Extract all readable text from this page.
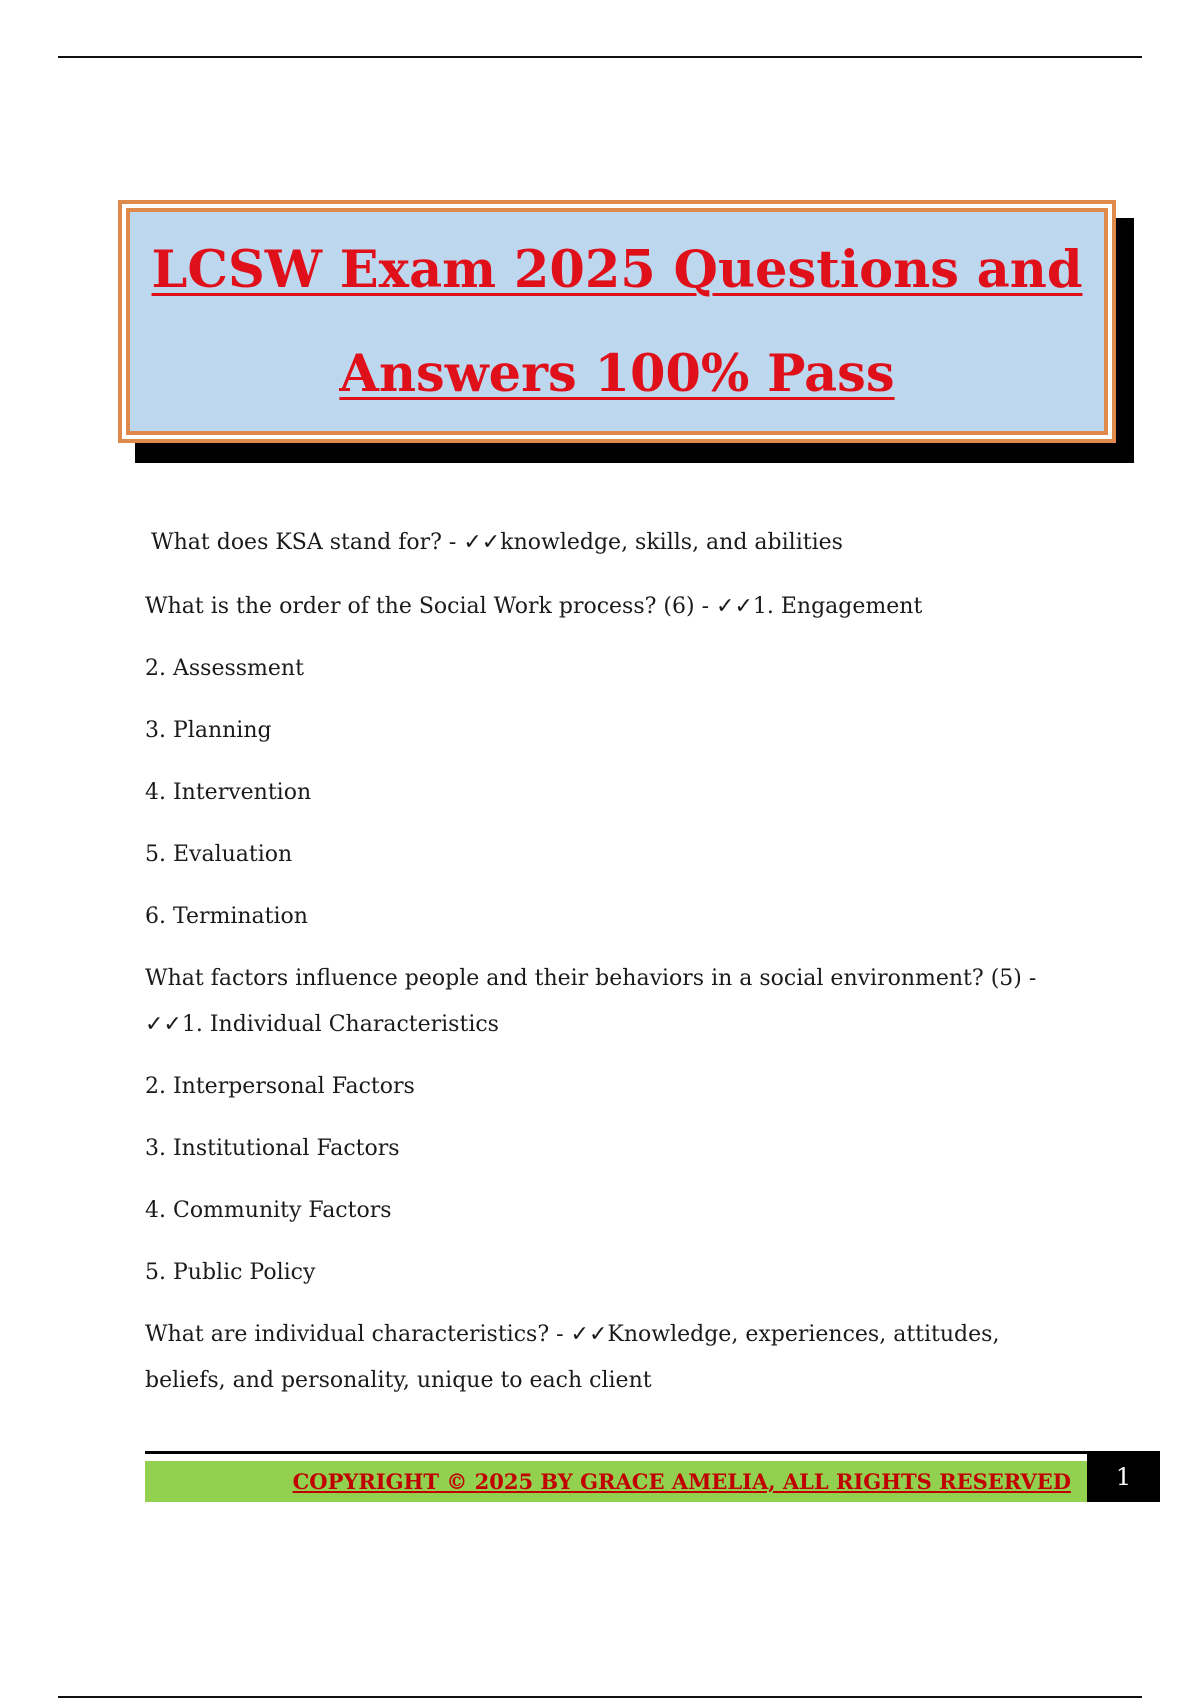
LCSW Exam 2025 Questions and
Answers 100% Pass

What does KSA stand for? - ✓✓knowledge, skills, and abilities

What is the order of the Social Work process? (6) - ✓✓1. Engagement

2. Assessment

3. Planning

4. Intervention

5. Evaluation

6. Termination

What factors influence people and their behaviors in a social environment? (5) - ✓✓1. Individual Characteristics

2. Interpersonal Factors

3. Institutional Factors

4. Community Factors

5. Public Policy

What are individual characteristics? - ✓✓Knowledge, experiences, attitudes, beliefs, and personality, unique to each client

COPYRIGHT © 2025 BY GRACE AMELIA, ALL RIGHTS RESERVED 1
